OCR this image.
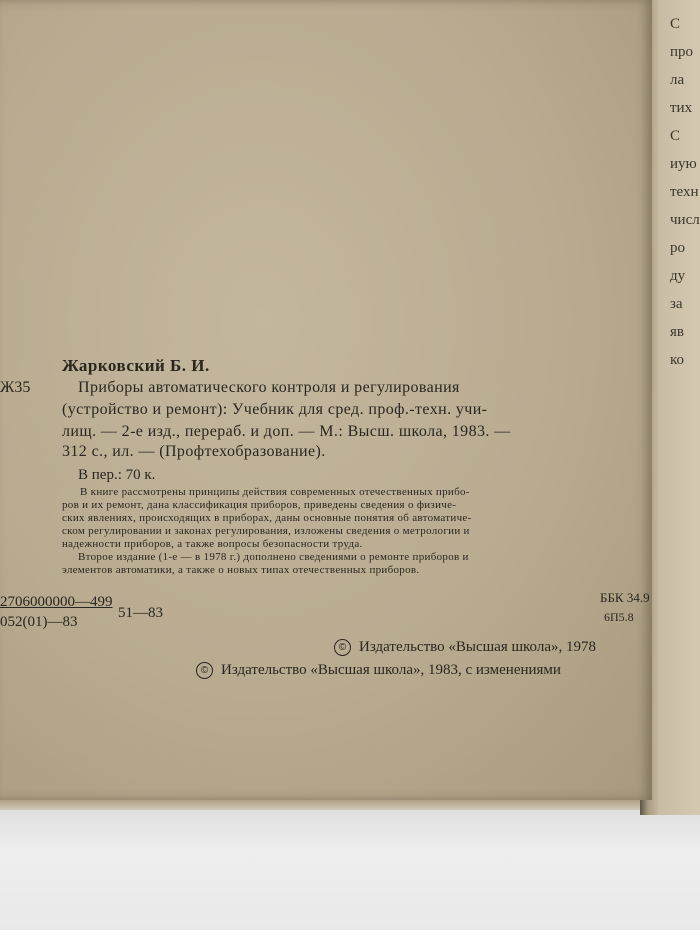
С
про
ла
тих
С
иую
техн
числ
ро
ду
за
яв
ко
Жарковский Б. И.
Ж35	Приборы автоматического контроля и регулирования
(устройство и ремонт): Учебник для сред. проф.-техн. учи-
лищ. — 2-е изд., перераб. и доп. — М.: Высш. школа, 1983. —
312 с., ил. — (Профтехобразование).
В пер.: 70 к.
В книге рассмотрены принципы действия современных отечественных прибо-
ров и их ремонт, дана классификация приборов, приведены сведения о физиче-
ских явлениях, происходящих в приборах, даны основные понятия об автоматиче-
ском регулировании и законах регулирования, изложены сведения о метрологии и
надежности приборов, а также вопросы безопасности труда.
Второе издание (1-е — в 1978 г.) дополнено сведениями о ремонте приборов и
элементов автоматики, а также о новых типах отечественных приборов.
ББК 34.9
6П5.8
2706000000—499
052(01)—83
51—83
© Издательство «Высшая школа», 1978
© Издательство «Высшая школа», 1983, с изменениями
